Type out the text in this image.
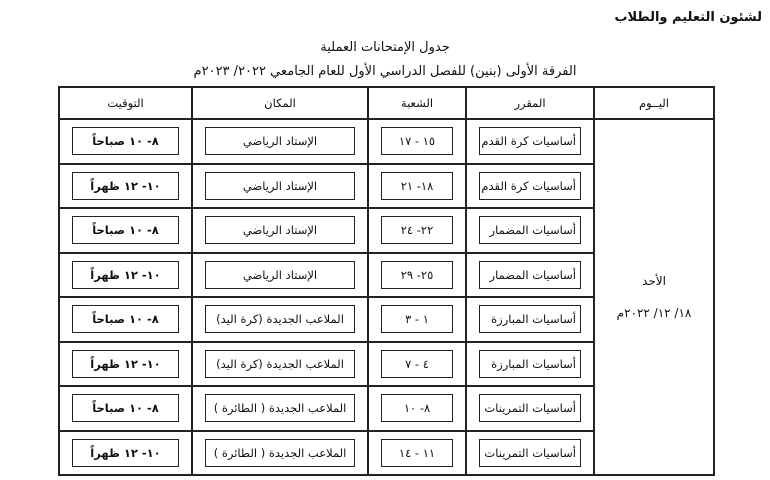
لشئون التعليم والطلاب
جدول الإمتحانات العملية
الفرقة الأولى (بنين) للفصل الدراسي الأول للعام الجامعي ٢٠٢٢/ ٢٠٢٣م
اليــوم	المقرر	الشعبة	المكان	التوقيت

الأحد
١٨/ ١٢/ ٢٠٢٢م	أساسيات كرة القدم	١٥ - ١٧	الإستاد الرياضي	٨- ١٠ صباحاً

أساسيات كرة القدم	١٨- ٢١	الإستاد الرياضي	١٠- ١٢ ظهراً

أساسيات المضمار	٢٢- ٢٤	الإستاد الرياضي	٨- ١٠ صباحاً

أساسيات المضمار	٢٥- ٢٩	الإستاد الرياضي	١٠- ١٢ ظهراً

أساسيات المبارزة	١ - ٣	الملاعب الجديدة (كرة اليد)	٨- ١٠ صباحاً

أساسيات المبارزة	٤ - ٧	الملاعب الجديدة (كرة اليد)	١٠- ١٢ ظهراً

أساسيات التمرينات	٨- ١٠	الملاعب الجديدة ( الطائرة )	٨- ١٠ صباحاً

أساسيات التمرينات	١١ - ١٤	الملاعب الجديدة ( الطائرة )	١٠- ١٢ ظهراً
